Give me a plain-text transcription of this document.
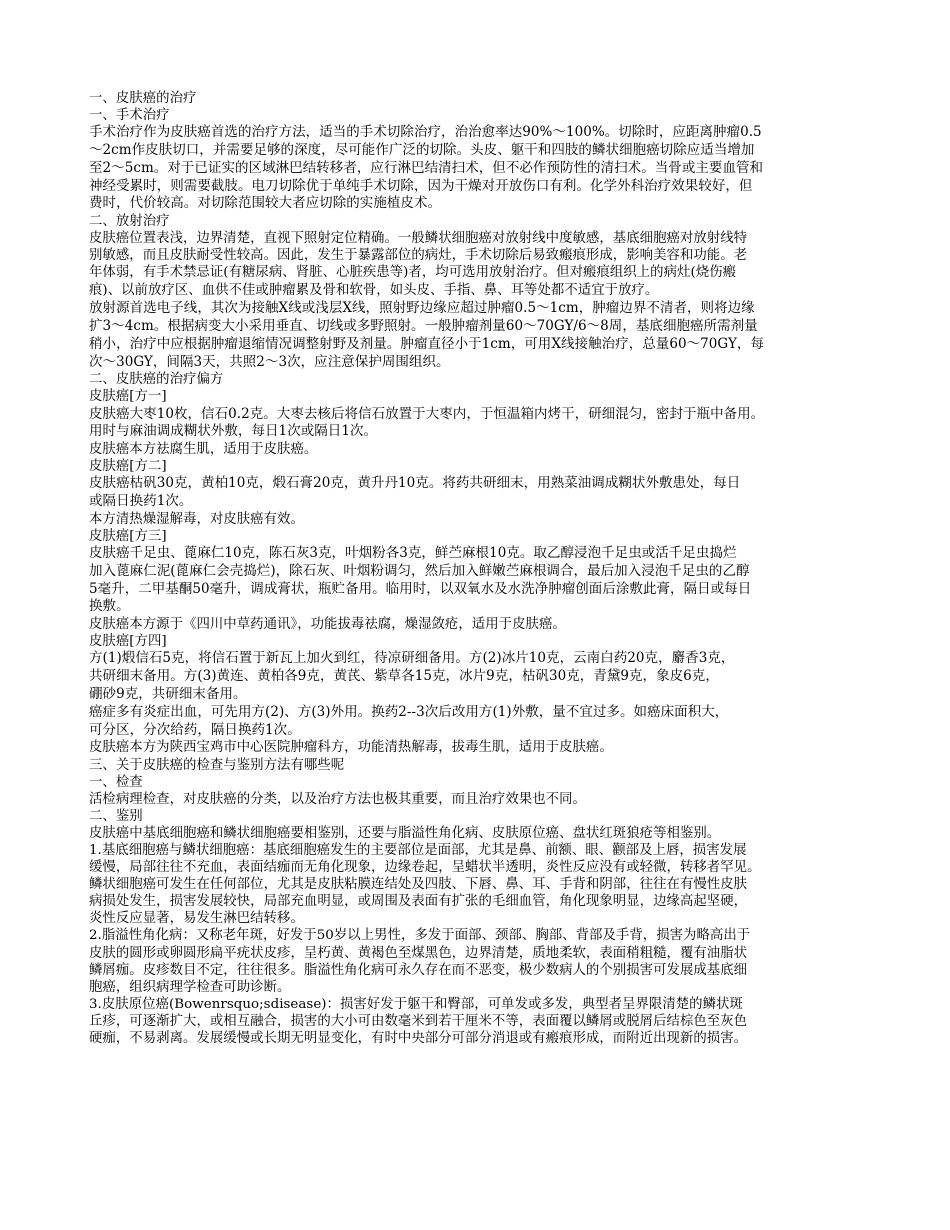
一、皮肤癌的治疗
一、手术治疗
手术治疗作为皮肤癌首选的治疗方法，适当的手术切除治疗，治治愈率达90%～100%。切除时，应距离肿瘤0.5
～2cm作皮肤切口，并需要足够的深度，尽可能作广泛的切除。头皮、躯干和四肢的鳞状细胞癌切除应适当增加
至2～5cm。对于已证实的区域淋巴结转移者，应行淋巴结清扫术，但不必作预防性的清扫术。当骨或主要血管和
神经受累时，则需要截肢。电刀切除优于单纯手术切除，因为干燥对开放伤口有利。化学外科治疗效果较好，但
费时，代价较高。对切除范围较大者应切除的实施植皮术。
二、放射治疗
皮肤癌位置表浅，边界清楚，直视下照射定位精确。一般鳞状细胞癌对放射线中度敏感，基底细胞癌对放射线特
别敏感，而且皮肤耐受性较高。因此，发生于暴露部位的病灶，手术切除后易致瘢痕形成，影响美容和功能。老
年体弱，有手术禁忌证(有糖尿病、肾脏、心脏疾患等)者，均可选用放射治疗。但对瘢痕组织上的病灶(烧伤瘢
痕)、以前放疗区、血供不佳或肿瘤累及骨和软骨，如头皮、手指、鼻、耳等处都不适宜于放疗。
放射源首选电子线，其次为接触X线或浅层X线，照射野边缘应超过肿瘤0.5～1cm，肿瘤边界不清者，则将边缘
扩3～4cm。根据病变大小采用垂直、切线或多野照射。一般肿瘤剂量60～70GY/6～8周，基底细胞癌所需剂量
稍小，治疗中应根据肿瘤退缩情况调整射野及剂量。肿瘤直径小于1cm，可用X线接触治疗，总量60～70GY，每
次～30GY，间隔3天，共照2～3次，应注意保护周围组织。
二、皮肤癌的治疗偏方
皮肤癌[方一]
皮肤癌大枣10枚，信石0.2克。大枣去核后将信石放置于大枣内，于恒温箱内烤干，研细混匀，密封于瓶中备用。
用时与麻油调成糊状外敷，每日1次或隔日1次。
皮肤癌本方祛腐生肌，适用于皮肤癌。
皮肤癌[方二]
皮肤癌枯矾30克，黄柏10克，煅石膏20克，黄升丹10克。将药共研细末，用熟菜油调成糊状外敷患处，每日
或隔日换药1次。
本方清热燥湿解毒，对皮肤癌有效。
皮肤癌[方三]
皮肤癌千足虫、蓖麻仁10克，陈石灰3克，叶烟粉各3克，鲜苎麻根10克。取乙醇浸泡千足虫或活千足虫捣烂
加入蓖麻仁泥(蓖麻仁会壳捣烂)，除石灰、叶烟粉调匀，然后加入鲜嫩苎麻根调合，最后加入浸泡千足虫的乙醇
5毫升，二甲基酮50毫升，调成膏状，瓶贮备用。临用时，以双氧水及水洗净肿瘤创面后涂敷此膏，隔日或每日
换敷。
皮肤癌本方源于《四川中草药通讯》，功能拔毒祛腐，燥湿敛疮，适用于皮肤癌。
皮肤癌[方四]
方(1)煅信石5克，将信石置于新瓦上加火到红，待凉研细备用。方(2)冰片10克，云南白药20克，麝香3克，
共研细末备用。方(3)黄连、黄柏各9克，黄芪、紫草各15克，冰片9克，枯矾30克，青黛9克，象皮6克，
硼砂9克，共研细末备用。
癌症多有炎症出血，可先用方(2)、方(3)外用。换药2--3次后改用方(1)外敷，量不宜过多。如癌床面积大，
可分区，分次给药，隔日换药1次。
皮肤癌本方为陕西宝鸡市中心医院肿瘤科方，功能清热解毒，拔毒生肌，适用于皮肤癌。
三、关于皮肤癌的检查与鉴别方法有哪些呢
一、检查
活检病理检查，对皮肤癌的分类，以及治疗方法也极其重要，而且治疗效果也不同。
二、鉴别
皮肤癌中基底细胞癌和鳞状细胞癌要相鉴别，还要与脂溢性角化病、皮肤原位癌、盘状红斑狼疮等相鉴别。
1.基底细胞癌与鳞状细胞癌：基底细胞癌发生的主要部位是面部，尤其是鼻、前额、眼、颧部及上唇，损害发展
缓慢，局部往往不充血，表面结痂而无角化现象，边缘卷起，呈蜡状半透明，炎性反应没有或轻微，转移者罕见。
鳞状细胞癌可发生在任何部位，尤其是皮肤粘膜连结处及四肢、下唇、鼻、耳、手背和阴部，往往在有慢性皮肤
病损处发生，损害发展较快，局部充血明显，或周围及表面有扩张的毛细血管，角化现象明显，边缘高起坚硬，
炎性反应显著，易发生淋巴结转移。
2.脂溢性角化病：又称老年斑，好发于50岁以上男性，多发于面部、颈部、胸部、背部及手背，损害为略高出于
皮肤的圆形或卵圆形扁平疣状皮疹，呈朽黄、黄褐色至煤黑色，边界清楚，质地柔软，表面稍粗糙，覆有油脂状
鳞屑痂。皮疹数目不定，往往很多。脂溢性角化病可永久存在而不恶变，极少数病人的个别损害可发展成基底细
胞癌，组织病理学检查可助诊断。
3.皮肤原位癌(Bowenrsquo;sdisease)：损害好发于躯干和臀部，可单发或多发，典型者呈界限清楚的鳞状斑
丘疹，可逐渐扩大，或相互融合，损害的大小可由数毫米到若干厘米不等，表面覆以鳞屑或脱屑后结棕色至灰色
硬痂，不易剥离。发展缓慢或长期无明显变化，有时中央部分可部分消退或有瘢痕形成，而附近出现新的损害。
